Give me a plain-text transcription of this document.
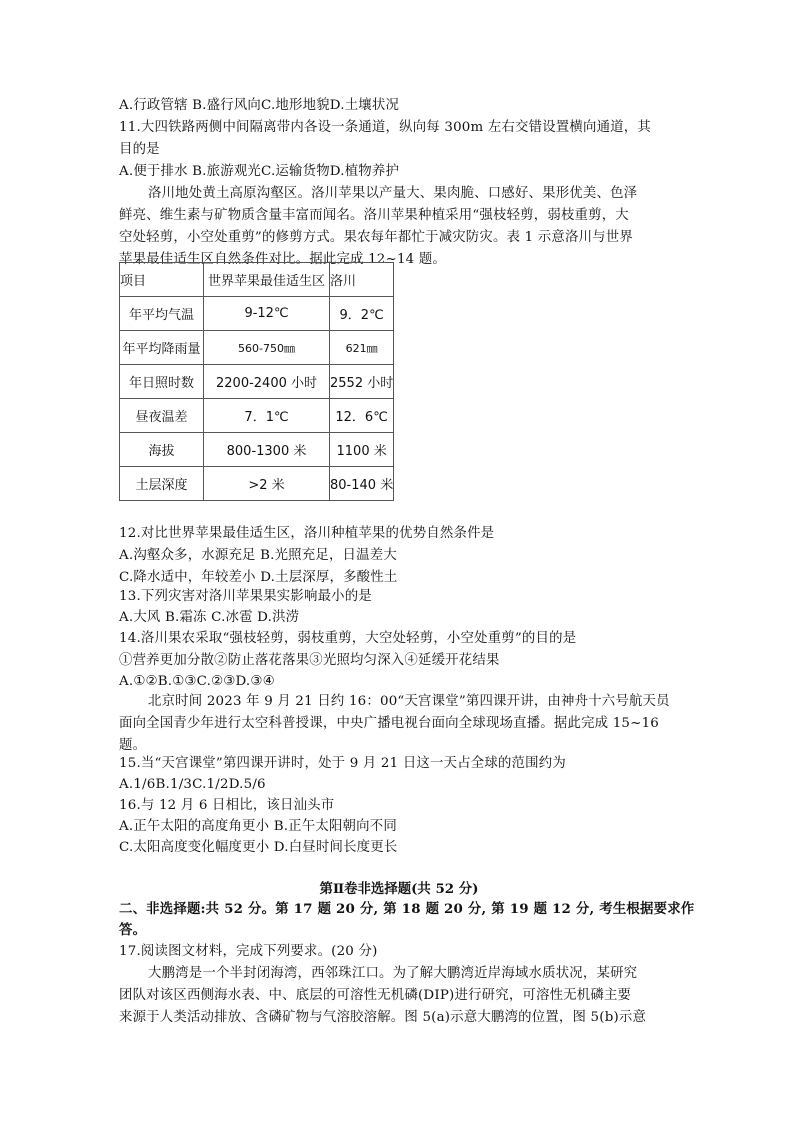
A.行政管辖 B.盛行风向C.地形地貌D.土壤状况
11.大四铁路两侧中间隔离带内各设一条通道，纵向每 300m 左右交错设置横向通道，其
目的是
A.便于排水 B.旅游观光C.运输货物D.植物养护
洛川地处黄土高原沟壑区。洛川苹果以产量大、果肉脆、口感好、果形优美、色泽
鲜亮、维生素与矿物质含量丰富而闻名。洛川苹果种植采用“强枝轻剪，弱枝重剪，大
空处轻剪，小空处重剪”的修剪方式。果农每年都忙于减灾防灾。表 1 示意洛川与世界
苹果最佳适生区自然条件对比。据此完成 12~14 题。
项目	世界苹果最佳适生区	洛川
年平均气温	9-12℃	9．2℃
年平均降雨量	560-750㎜	621㎜
年日照时数	2200-2400 小时	2552 小时
昼夜温差	7．1℃	12．6℃
海拔	800-1300 米	1100 米
土层深度	>2 米	80-140 米
12.对比世界苹果最佳适生区，洛川种植苹果的优势自然条件是
A.沟壑众多，水源充足 B.光照充足，日温差大
C.降水适中，年较差小 D.土层深厚，多酸性土
13.下列灾害对洛川苹果果实影响最小的是
A.大风 B.霜冻 C.冰雹 D.洪涝
14.洛川果农采取“强枝轻剪，弱枝重剪，大空处轻剪，小空处重剪”的目的是
①营养更加分散②防止落花落果③光照均匀深入④延缓开花结果
A.①②B.①③C.②③D.③④
北京时间 2023 年 9 月 21 日约 16：00“天宫课堂”第四课开讲，由神舟十六号航天员
面向全国青少年进行太空科普授课，中央广播电视台面向全球现场直播。据此完成 15~16
题。
15.当“天宫课堂”第四课开讲时，处于 9 月 21 日这一天占全球的范围约为
A.1/6B.1/3C.1/2D.5/6
16.与 12 月 6 日相比，该日汕头市
A.正午太阳的高度角更小 B.正午太阳朝向不同
C.太阳高度变化幅度更小 D.白昼时间长度更长
第Ⅱ卷非选择题(共 52 分)
二、非选择题:共 52 分。第 17 题 20 分, 第 18 题 20 分, 第 19 题 12 分, 考生根据要求作
答。
17.阅读图文材料，完成下列要求。(20 分)
大鹏湾是一个半封闭海湾，西邻珠江口。为了解大鹏湾近岸海域水质状况，某研究
团队对该区西侧海水表、中、底层的可溶性无机磷(DIP)进行研究，可溶性无机磷主要
来源于人类活动排放、含磷矿物与气溶胶溶解。图 5(a)示意大鹏湾的位置，图 5(b)示意
